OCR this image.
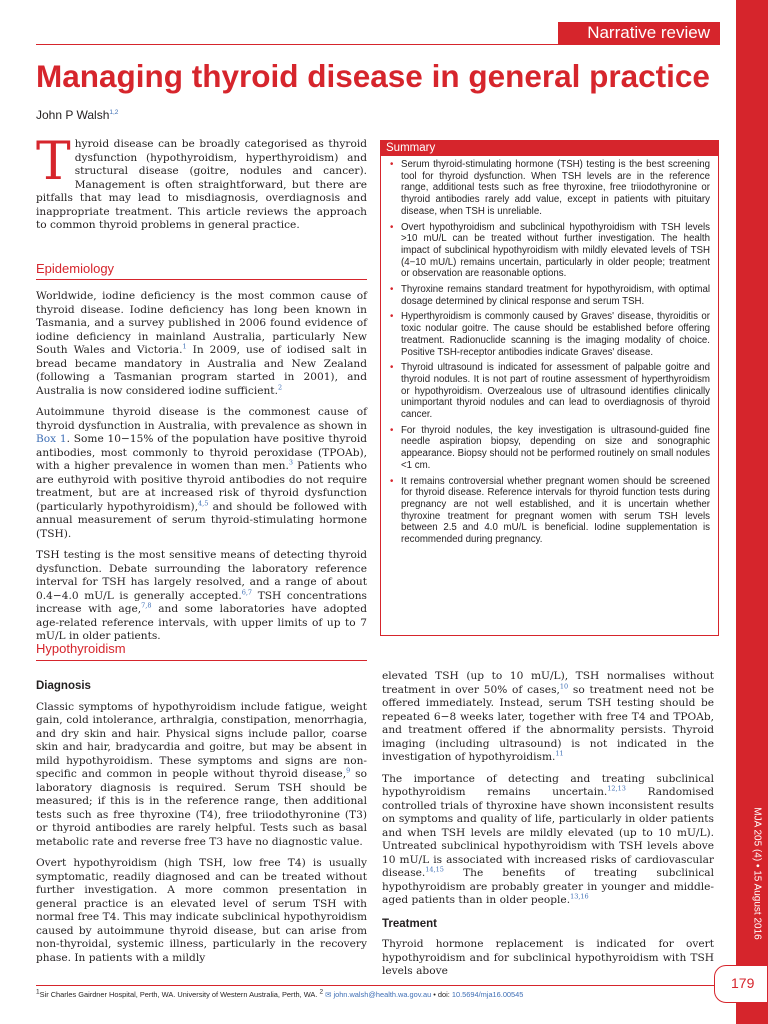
Narrative review
Managing thyroid disease in general practice
John P Walsh$^{1,2}$

Thyroid disease can be broadly categorised as thyroid dysfunction (hypothyroidism, hyperthyroidism) and structural disease (goitre, nodules and cancer). Management is often straightforward, but there are pitfalls that may lead to misdiagnosis, overdiagnosis and inappropriate treatment. This article reviews the approach to common thyroid problems in general practice.

Epidemiology

Worldwide, iodine deficiency is the most common cause of thyroid disease. Iodine deficiency has long been known in Tasmania, and a survey published in 2006 found evidence of iodine deficiency in mainland Australia, particularly New South Wales and Victoria.$^1$ In 2009, use of iodised salt in bread became mandatory in Australia and New Zealand (following a Tasmanian program started in 2001), and Australia is now considered iodine sufficient.$^2$

Autoimmune thyroid disease is the commonest cause of thyroid dysfunction in Australia, with prevalence as shown in Box 1. Some 10−15% of the population have positive thyroid antibodies, most commonly to thyroid peroxidase (TPOAb), with a higher prevalence in women than men.$^3$ Patients who are euthyroid with positive thyroid antibodies do not require treatment, but are at increased risk of thyroid dysfunction (particularly hypothyroidism),$^{4,5}$ and should be followed with annual measurement of serum thyroid-stimulating hormone (TSH).

TSH testing is the most sensitive means of detecting thyroid dysfunction. Debate surrounding the laboratory reference interval for TSH has largely resolved, and a range of about 0.4−4.0 mU/L is generally accepted.$^{6,7}$ TSH concentrations increase with age,$^{7,8}$ and some laboratories have adopted age-related reference intervals, with upper limits of up to 7 mU/L in older patients.

Summary
• Serum thyroid-stimulating hormone (TSH) testing is the best screening tool for thyroid dysfunction. When TSH levels are in the reference range, additional tests such as free thyroxine, free triiodothyronine or thyroid antibodies rarely add value, except in patients with pituitary disease, when TSH is unreliable.
• Overt hypothyroidism and subclinical hypothyroidism with TSH levels >10 mU/L can be treated without further investigation. The health impact of subclinical hypothyroidism with mildly elevated levels of TSH (4−10 mU/L) remains uncertain, particularly in older people; treatment or observation are reasonable options.
• Thyroxine remains standard treatment for hypothyroidism, with optimal dosage determined by clinical response and serum TSH.
• Hyperthyroidism is commonly caused by Graves' disease, thyroiditis or toxic nodular goitre. The cause should be established before offering treatment. Radionuclide scanning is the imaging modality of choice. Positive TSH-receptor antibodies indicate Graves' disease.
• Thyroid ultrasound is indicated for assessment of palpable goitre and thyroid nodules. It is not part of routine assessment of hyperthyroidism or hypothyroidism. Overzealous use of ultrasound identifies clinically unimportant thyroid nodules and can lead to overdiagnosis of thyroid cancer.
• For thyroid nodules, the key investigation is ultrasound-guided fine needle aspiration biopsy, depending on size and sonographic appearance. Biopsy should not be performed routinely on small nodules <1 cm.
• It remains controversial whether pregnant women should be screened for thyroid disease. Reference intervals for thyroid function tests during pregnancy are not well established, and it is uncertain whether thyroxine treatment for pregnant women with serum TSH levels between 2.5 and 4.0 mU/L is beneficial. Iodine supplementation is recommended during pregnancy.
Hypothyroidism
Diagnosis

Classic symptoms of hypothyroidism include fatigue, weight gain, cold intolerance, arthralgia, constipation, menorrhagia, and dry skin and hair. Physical signs include pallor, coarse skin and hair, bradycardia and goitre, but may be absent in mild hypothyroidism. These symptoms and signs are non-specific and common in people without thyroid disease,$^9$ so laboratory diagnosis is required. Serum TSH should be measured; if this is in the reference range, then additional tests such as free thyroxine (T4), free triiodothyronine (T3) or thyroid antibodies are rarely helpful. Tests such as basal metabolic rate and reverse free T3 have no diagnostic value.

Overt hypothyroidism (high TSH, low free T4) is usually symptomatic, readily diagnosed and can be treated without further investigation. A more common presentation in general practice is an elevated level of serum TSH with normal free T4. This may indicate subclinical hypothyroidism caused by autoimmune thyroid disease, but can arise from non-thyroidal, systemic illness, particularly in the recovery phase. In patients with a mildly

elevated TSH (up to 10 mU/L), TSH normalises without treatment in over 50% of cases,$^{10}$ so treatment need not be offered immediately. Instead, serum TSH testing should be repeated 6−8 weeks later, together with free T4 and TPOAb, and treatment offered if the abnormality persists. Thyroid imaging (including ultrasound) is not indicated in the investigation of hypothyroidism.$^{11}$

The importance of detecting and treating subclinical hypothyroidism remains uncertain.$^{12,13}$ Randomised controlled trials of thyroxine have shown inconsistent results on symptoms and quality of life, particularly in older patients and when TSH levels are mildly elevated (up to 10 mU/L). Untreated subclinical hypothyroidism with TSH levels above 10 mU/L is associated with increased risks of cardiovascular disease.$^{14,15}$ The benefits of treating subclinical hypothyroidism are probably greater in younger and middle-aged patients than in older people.$^{13,16}$

Treatment

Thyroid hormone replacement is indicated for overt hypothyroidism and for subclinical hypothyroidism with TSH levels above

MJA 205 (4) • 15 August 2016
179
$^1$Sir Charles Gairdner Hospital, Perth, WA. University of Western Australia, Perth, WA. $^2$ ✉ john.walsh@health.wa.gov.au • doi: 10.5694/mja16.00545
